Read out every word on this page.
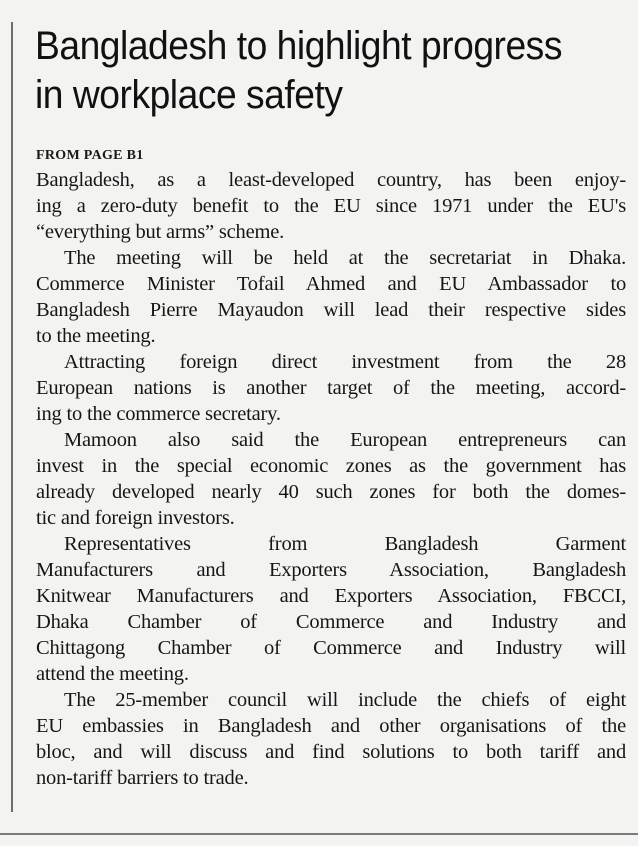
Bangladesh to highlight progress
in workplace safety
FROM PAGE B1
Bangladesh, as a least-developed country, has been enjoy-
ing a zero-duty benefit to the EU since 1971 under the EU's
“everything but arms” scheme.
The meeting will be held at the secretariat in Dhaka.
Commerce Minister Tofail Ahmed and EU Ambassador to
Bangladesh Pierre Mayaudon will lead their respective sides
to the meeting.
Attracting foreign direct investment from the 28
European nations is another target of the meeting, accord-
ing to the commerce secretary.
Mamoon also said the European entrepreneurs can
invest in the special economic zones as the government has
already developed nearly 40 such zones for both the domes-
tic and foreign investors.
Representatives from Bangladesh Garment
Manufacturers and Exporters Association, Bangladesh
Knitwear Manufacturers and Exporters Association, FBCCI,
Dhaka Chamber of Commerce and Industry and
Chittagong Chamber of Commerce and Industry will
attend the meeting.
The 25-member council will include the chiefs of eight
EU embassies in Bangladesh and other organisations of the
bloc, and will discuss and find solutions to both tariff and
non-tariff barriers to trade.
